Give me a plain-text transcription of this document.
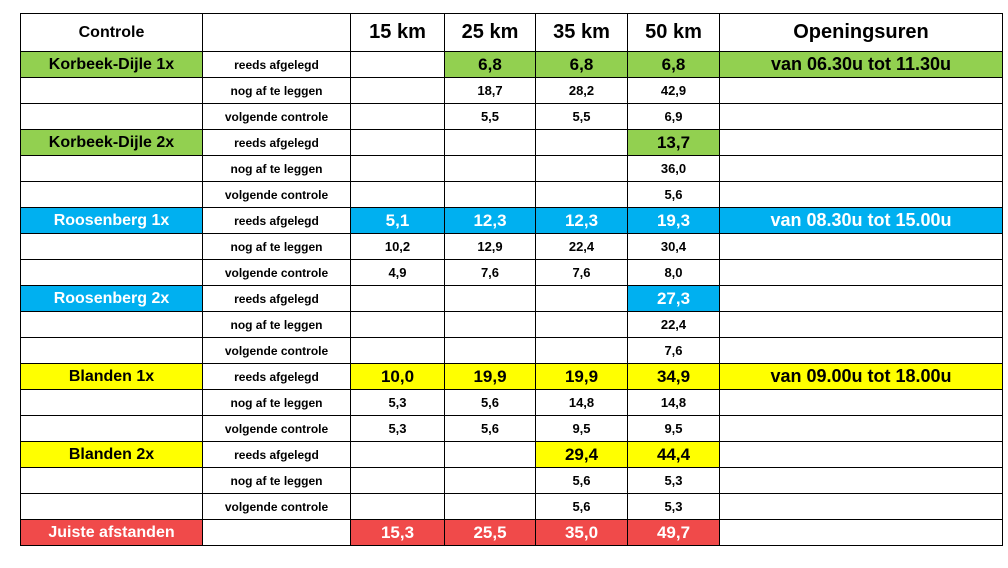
Controle		15 km	25 km	35 km	50 km	Openingsuren
Korbeek-Dijle 1x	reeds afgelegd		6,8	6,8	6,8	van 06.30u tot 11.30u
	nog af te leggen		18,7	28,2	42,9	
	volgende controle		5,5	5,5	6,9	
Korbeek-Dijle 2x	reeds afgelegd				13,7	
	nog af te leggen				36,0	
	volgende controle				5,6	
Roosenberg 1x	reeds afgelegd	5,1	12,3	12,3	19,3	van 08.30u tot 15.00u
	nog af te leggen	10,2	12,9	22,4	30,4	
	volgende controle	4,9	7,6	7,6	8,0	
Roosenberg 2x	reeds afgelegd				27,3	
	nog af te leggen				22,4	
	volgende controle				7,6	
Blanden 1x	reeds afgelegd	10,0	19,9	19,9	34,9	van 09.00u tot 18.00u
	nog af te leggen	5,3	5,6	14,8	14,8	
	volgende controle	5,3	5,6	9,5	9,5	
Blanden 2x	reeds afgelegd			29,4	44,4	
	nog af te leggen			5,6	5,3	
	volgende controle			5,6	5,3	
Juiste afstanden		15,3	25,5	35,0	49,7	
